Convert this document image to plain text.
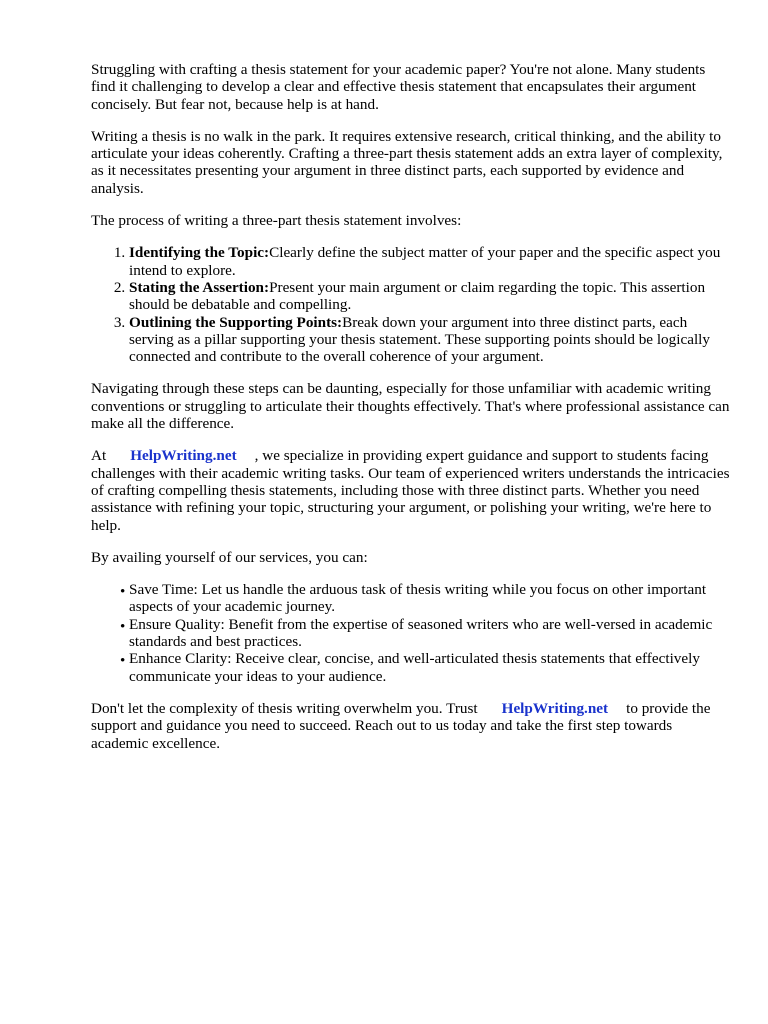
Struggling with crafting a thesis statement for your academic paper? You're not alone. Many students find it challenging to develop a clear and effective thesis statement that encapsulates their argument concisely. But fear not, because help is at hand.

Writing a thesis is no walk in the park. It requires extensive research, critical thinking, and the ability to articulate your ideas coherently. Crafting a three-part thesis statement adds an extra layer of complexity, as it necessitates presenting your argument in three distinct parts, each supported by evidence and analysis.

The process of writing a three-part thesis statement involves:

1. Identifying the Topic:Clearly define the subject matter of your paper and the specific aspect you intend to explore.
2. Stating the Assertion:Present your main argument or claim regarding the topic. This assertion should be debatable and compelling.
3. Outlining the Supporting Points:Break down your argument into three distinct parts, each serving as a pillar supporting your thesis statement. These supporting points should be logically connected and contribute to the overall coherence of your argument.

Navigating through these steps can be daunting, especially for those unfamiliar with academic writing conventions or struggling to articulate their thoughts effectively. That's where professional assistance can make all the difference.

At HelpWriting.net , we specialize in providing expert guidance and support to students facing challenges with their academic writing tasks. Our team of experienced writers understands the intricacies of crafting compelling thesis statements, including those with three distinct parts. Whether you need assistance with refining your topic, structuring your argument, or polishing your writing, we're here to help.

By availing yourself of our services, you can:

• Save Time: Let us handle the arduous task of thesis writing while you focus on other important aspects of your academic journey.
• Ensure Quality: Benefit from the expertise of seasoned writers who are well-versed in academic standards and best practices.
• Enhance Clarity: Receive clear, concise, and well-articulated thesis statements that effectively communicate your ideas to your audience.

Don't let the complexity of thesis writing overwhelm you. Trust HelpWriting.net to provide the support and guidance you need to succeed. Reach out to us today and take the first step towards academic excellence.
